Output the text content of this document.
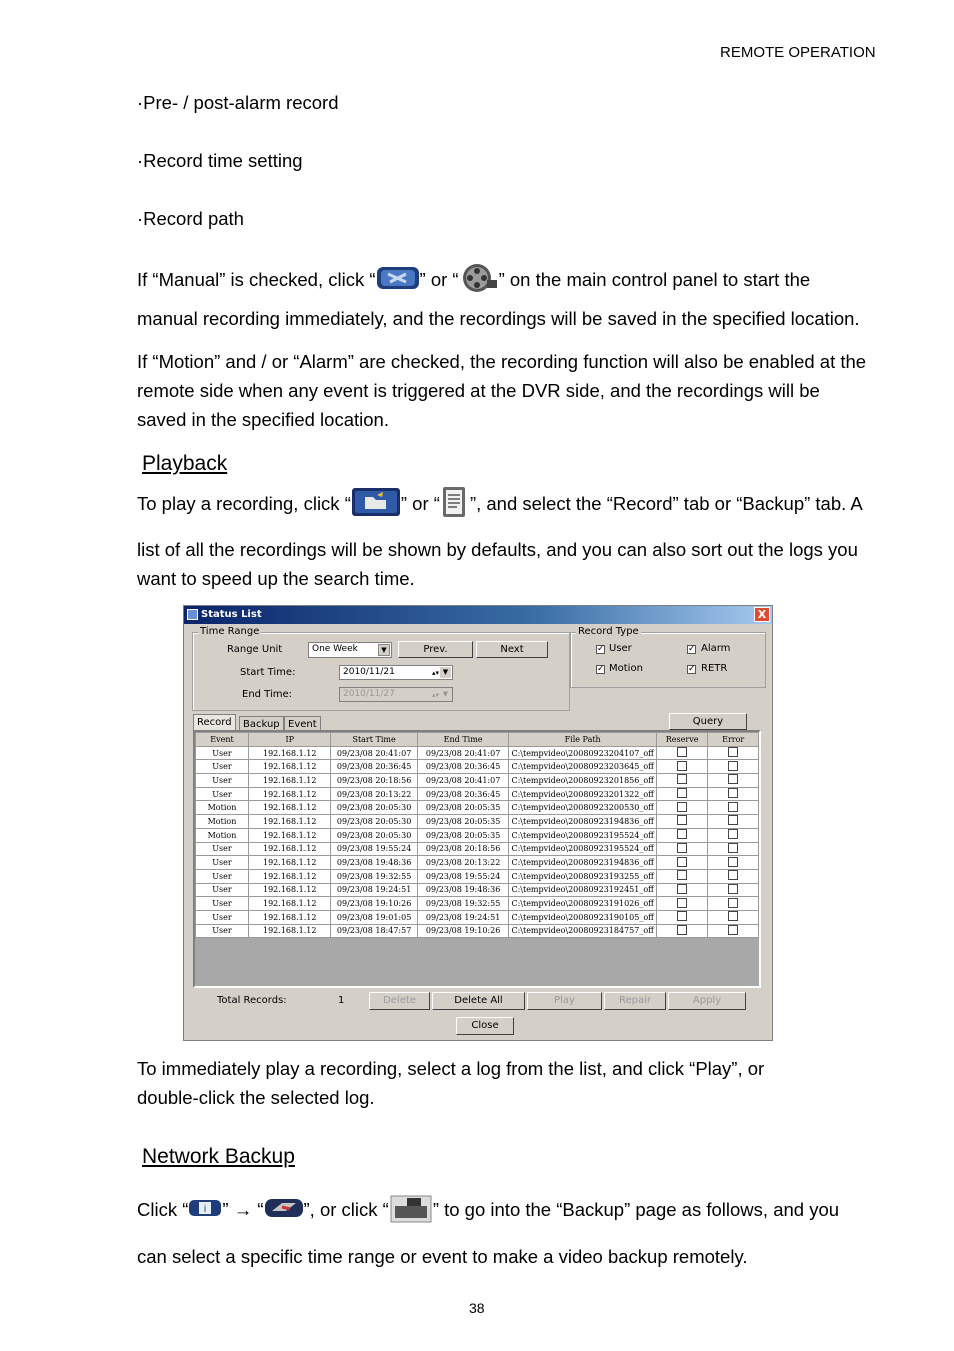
REMOTE OPERATION
·Pre- / post-alarm record
·Record time setting
·Record path
If “Manual” is checked, click “ ” or “ ” on the main control panel to start the
manual recording immediately, and the recordings will be saved in the specified location.
If “Motion” and / or “Alarm” are checked, the recording function will also be enabled at the
remote side when any event is triggered at the DVR side, and the recordings will be
saved in the specified location.
Playback
To play a recording, click “	” or “ ”, and select the “Record” tab or “Backup” tab. A
list of all the recordings will be shown by defaults, and you can also sort out the logs you
want to speed up the search time.
Status List	X
Time Range
Range Unit	One Week	▼	Prev.	Next
Start Time:	2010/11/21	▴▾ ▼
End Time:	2010/11/27	▴▾ ▼
Record Type
✓ User	✓ Alarm
✓ Motion	✓ RETR
Record	Backup Event	Query
Event	IP	Start Time	End Time	File Path	Reserve	Error
User	192.168.1.12	09/23/08 20:41:07	09/23/08 20:41:07	C:\tempvideo\20080923204107_off		
User	192.168.1.12	09/23/08 20:36:45	09/23/08 20:36:45	C:\tempvideo\20080923203645_off		
User	192.168.1.12	09/23/08 20:18:56	09/23/08 20:41:07	C:\tempvideo\20080923201856_off		
User	192.168.1.12	09/23/08 20:13:22	09/23/08 20:36:45	C:\tempvideo\20080923201322_off		
Motion	192.168.1.12	09/23/08 20:05:30	09/23/08 20:05:35	C:\tempvideo\20080923200530_off		
Motion	192.168.1.12	09/23/08 20:05:30	09/23/08 20:05:35	C:\tempvideo\20080923194836_off		
Motion	192.168.1.12	09/23/08 20:05:30	09/23/08 20:05:35	C:\tempvideo\20080923195524_off		
User	192.168.1.12	09/23/08 19:55:24	09/23/08 20:18:56	C:\tempvideo\20080923195524_off		
User	192.168.1.12	09/23/08 19:48:36	09/23/08 20:13:22	C:\tempvideo\20080923194836_off		
User	192.168.1.12	09/23/08 19:32:55	09/23/08 19:55:24	C:\tempvideo\20080923193255_off		
User	192.168.1.12	09/23/08 19:24:51	09/23/08 19:48:36	C:\tempvideo\20080923192451_off		
User	192.168.1.12	09/23/08 19:10:26	09/23/08 19:32:55	C:\tempvideo\20080923191026_off		
User	192.168.1.12	09/23/08 19:01:05	09/23/08 19:24:51	C:\tempvideo\20080923190105_off		
User	192.168.1.12	09/23/08 18:47:57	09/23/08 19:10:26	C:\tempvideo\20080923184757_off		
Total Records:	1	Delete	Delete All	Play	Repair	Apply
Close
To immediately play a recording, select a log from the list, and click “Play”, or
double-click the selected log.
Network Backup
Click “ i ” → “ ”, or click “ ” to go into the “Backup” page as follows, and you
can select a specific time range or event to make a video backup remotely.
38
